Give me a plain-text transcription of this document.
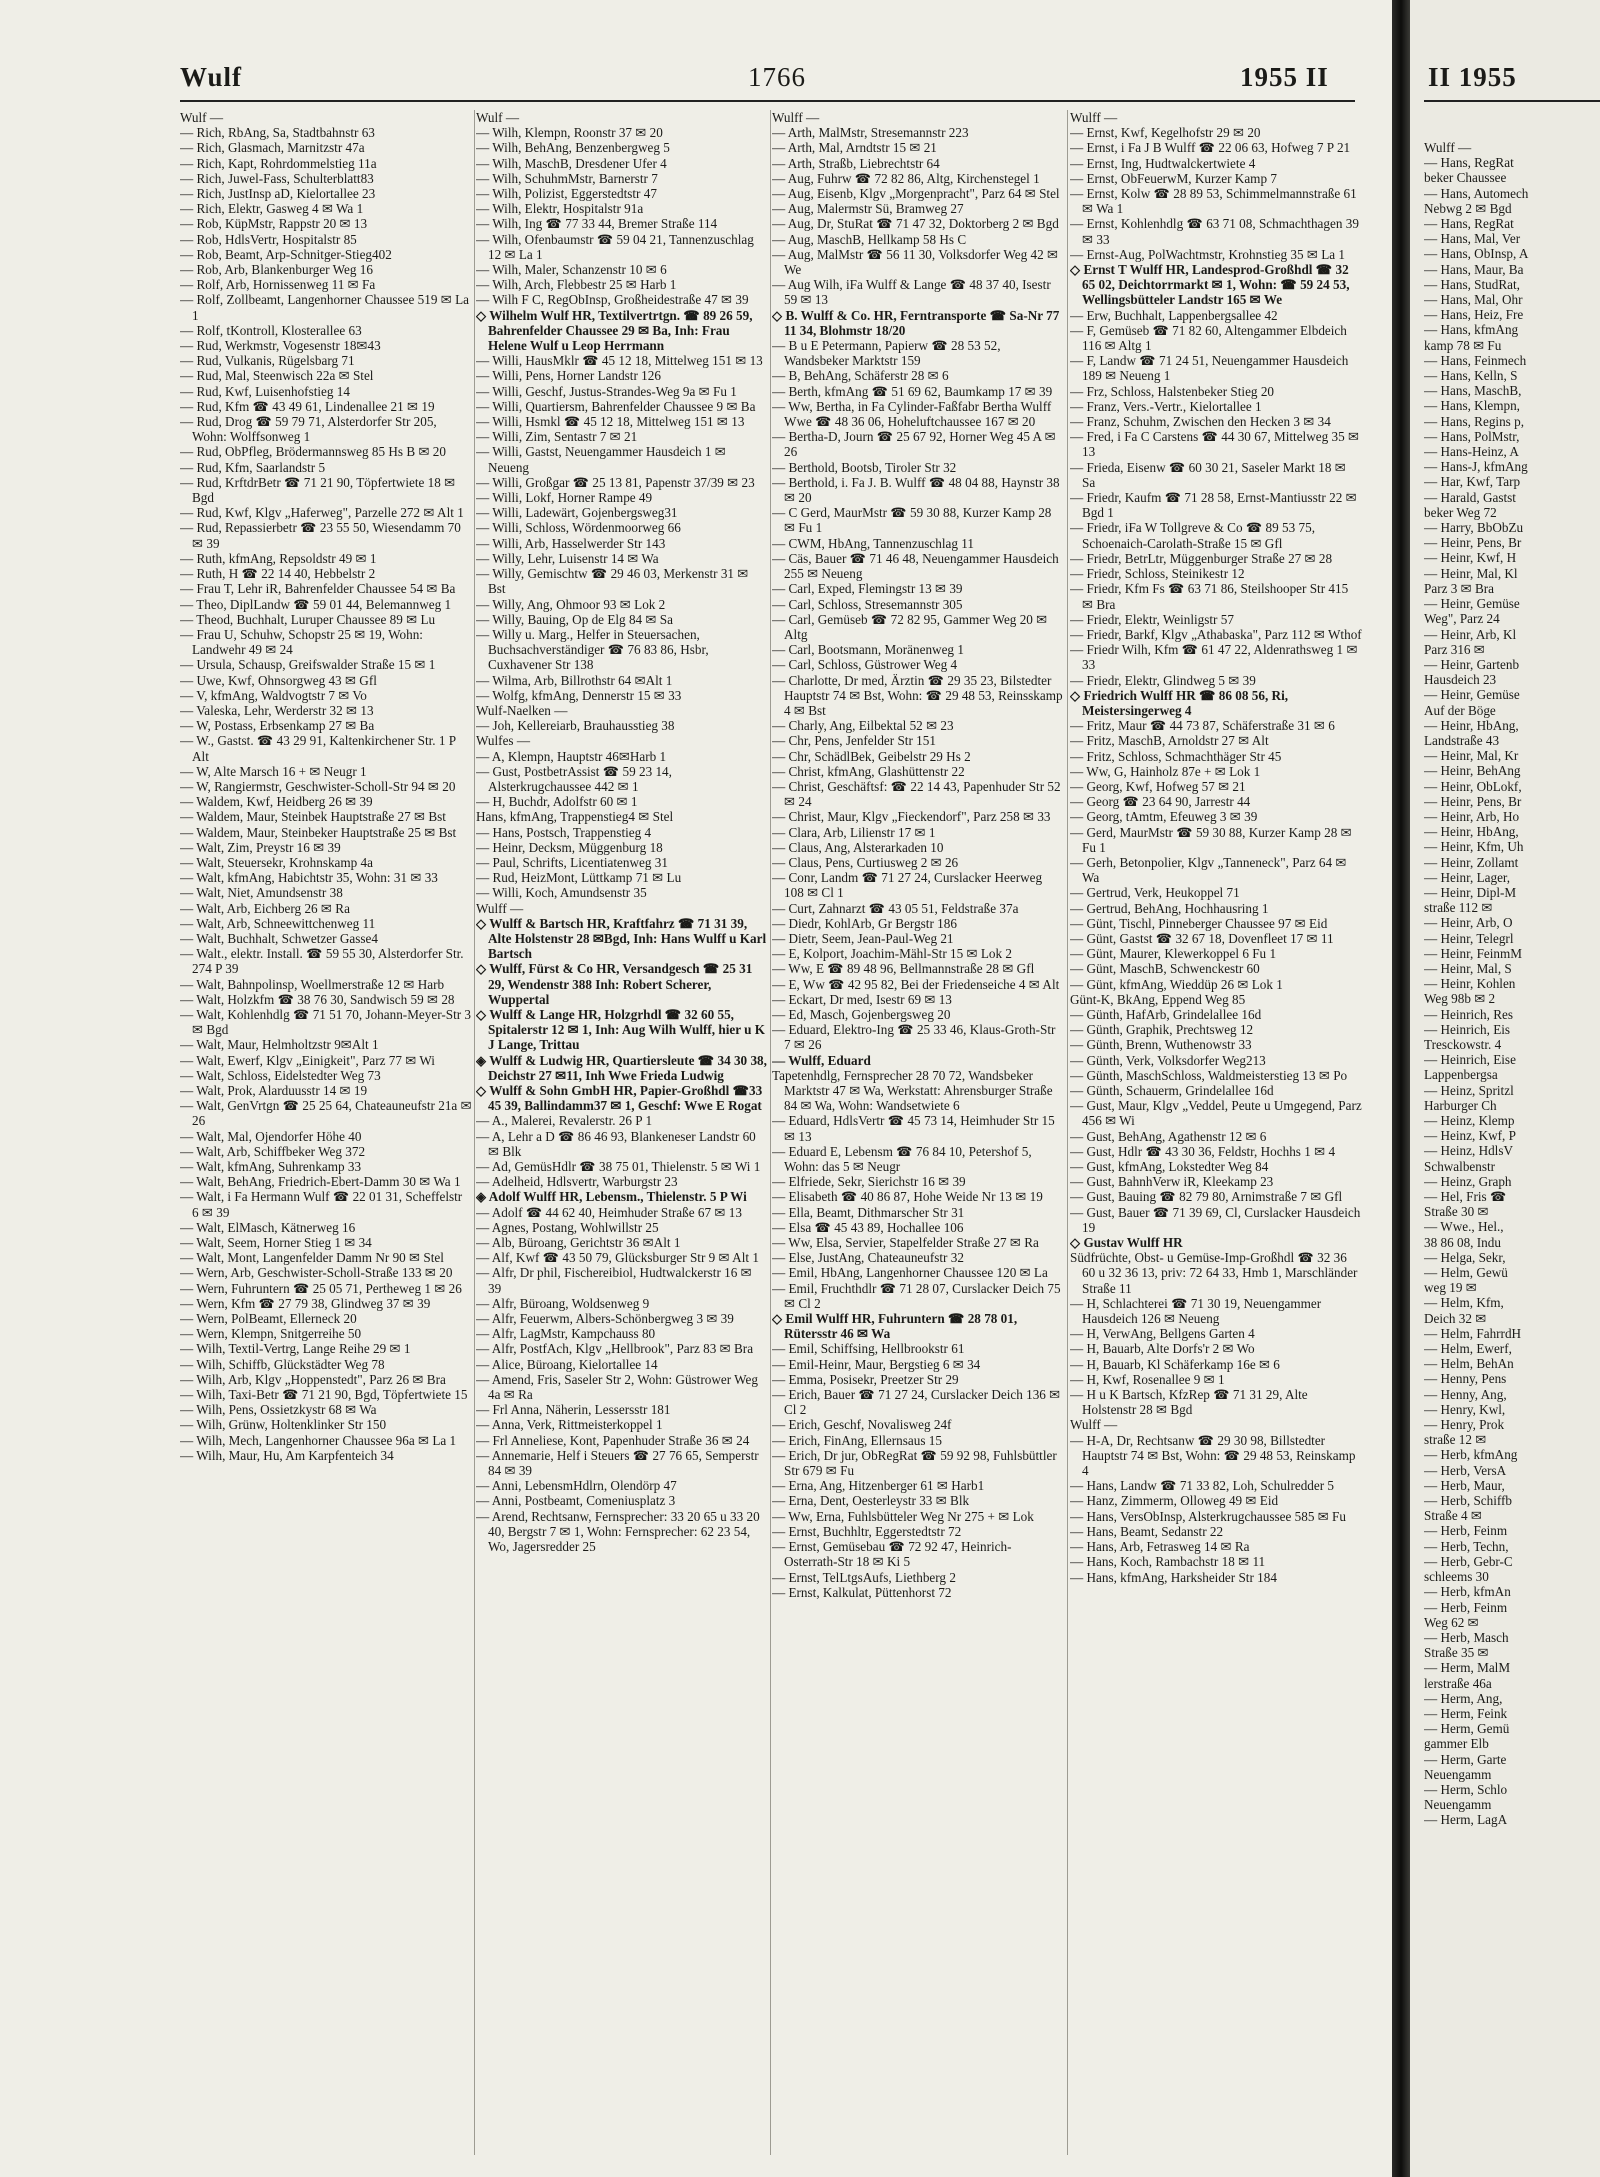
Wulf	1766	1955 II
Wulf —
— Rich, RbAng, Sa, Stadtbahnstr 63
— Rich, Glasmach, Marnitzstr 47a
— Rich, Kapt, Rohrdommelstieg 11a
— Rich, Juwel-Fass, Schulterblatt83
— Rich, JustInsp aD, Kielortallee 23
— Rich, Elektr, Gasweg 4 ✉ Wa 1
— Rob, KüpMstr, Rappstr 20 ✉ 13
— Rob, HdlsVertr, Hospitalstr 85
— Rob, Beamt, Arp-Schnitger-Stieg402
— Rob, Arb, Blankenburger Weg 16
— Rolf, Arb, Hornissenweg 11 ✉ Fa
— Rolf, Zollbeamt, Langenhorner Chaussee 519 ✉ La 1
— Rolf, tKontroll, Klosterallee 63
— Rud, Werkmstr, Vogesenstr 18✉43
— Rud, Vulkanis, Rügelsbarg 71
— Rud, Mal, Steenwisch 22a ✉ Stel
— Rud, Kwf, Luisenhofstieg 14
— Rud, Kfm ☎ 43 49 61, Lindenallee 21 ✉ 19
— Rud, Drog ☎ 59 79 71, Alsterdorfer Str 205, Wohn: Wolffsonweg 1
— Rud, ObPfleg, Brödermannsweg 85 Hs B ✉ 20
— Rud, Kfm, Saarlandstr 5
— Rud, KrftdrBetr ☎ 71 21 90, Töpfertwiete 18 ✉ Bgd
— Rud, Kwf, Klgv „Haferweg", Parzelle 272 ✉ Alt 1
— Rud, Repassierbetr ☎ 23 55 50, Wiesendamm 70 ✉ 39
— Ruth, kfmAng, Repsoldstr 49 ✉ 1
— Ruth, H ☎ 22 14 40, Hebbelstr 2
— Frau T, Lehr iR, Bahrenfelder Chaussee 54 ✉ Ba
— Theo, DiplLandw ☎ 59 01 44, Belemannweg 1
— Theod, Buchhalt, Luruper Chaussee 89 ✉ Lu
— Frau U, Schuhw, Schopstr 25 ✉ 19, Wohn: Landwehr 49 ✉ 24
— Ursula, Schausp, Greifswalder Straße 15 ✉ 1
— Uwe, Kwf, Ohnsorgweg 43 ✉ Gfl
— V, kfmAng, Waldvogtstr 7 ✉ Vo
— Valeska, Lehr, Werderstr 32 ✉ 13
— W, Postass, Erbsenkamp 27 ✉ Ba
— W., Gastst. ☎ 43 29 91, Kaltenkirchener Str. 1 P Alt
— W, Alte Marsch 16 + ✉ Neugr 1
— W, Rangiermstr, Geschwister-Scholl-Str 94 ✉ 20
— Waldem, Kwf, Heidberg 26 ✉ 39
— Waldem, Maur, Steinbek Hauptstraße 27 ✉ Bst
— Waldem, Maur, Steinbeker Hauptstraße 25 ✉ Bst
— Walt, Zim, Preystr 16 ✉ 39
— Walt, Steuersekr, Krohnskamp 4a
— Walt, kfmAng, Habichtstr 35, Wohn: 31 ✉ 33
— Walt, Niet, Amundsenstr 38
— Walt, Arb, Eichberg 26 ✉ Ra
— Walt, Arb, Schneewittchenweg 11
— Walt, Buchhalt, Schwetzer Gasse4
— Walt., elektr. Install. ☎ 59 55 30, Alsterdorfer Str. 274 P 39
— Walt, Bahnpolinsp, Woellmerstraße 12 ✉ Harb
— Walt, Holzkfm ☎ 38 76 30, Sandwisch 59 ✉ 28
— Walt, Kohlenhdlg ☎ 71 51 70, Johann-Meyer-Str 3 ✉ Bgd
— Walt, Maur, Helmholtzstr 9✉Alt 1
— Walt, Ewerf, Klgv „Einigkeit", Parz 77 ✉ Wi
— Walt, Schloss, Eidelstedter Weg 73
— Walt, Prok, Alarduusstr 14 ✉ 19
— Walt, GenVrtgn ☎ 25 25 64, Chateauneufstr 21a ✉ 26
— Walt, Mal, Ojendorfer Höhe 40
— Walt, Arb, Schiffbeker Weg 372
— Walt, kfmAng, Suhrenkamp 33
— Walt, BehAng, Friedrich-Ebert-Damm 30 ✉ Wa 1
— Walt, i Fa Hermann Wulf ☎ 22 01 31, Scheffelstr 6 ✉ 39
— Walt, ElMasch, Kätnerweg 16
— Walt, Seem, Horner Stieg 1 ✉ 34
— Walt, Mont, Langenfelder Damm Nr 90 ✉ Stel
— Wern, Arb, Geschwister-Scholl-Straße 133 ✉ 20
— Wern, Fuhruntern ☎ 25 05 71, Pertheweg 1 ✉ 26
— Wern, Kfm ☎ 27 79 38, Glindweg 37 ✉ 39
— Wern, PolBeamt, Ellerneck 20
— Wern, Klempn, Snitgerreihe 50
— Wilh, Textil-Vertrg, Lange Reihe 29 ✉ 1
— Wilh, Schiffb, Glückstädter Weg 78
— Wilh, Arb, Klgv „Hoppenstedt", Parz 26 ✉ Bra
— Wilh, Taxi-Betr ☎ 71 21 90, Bgd, Töpfertwiete 15
— Wilh, Pens, Ossietzkystr 68 ✉ Wa
— Wilh, Grünw, Holtenklinker Str 150
— Wilh, Mech, Langenhorner Chaussee 96a ✉ La 1
— Wilh, Maur, Hu, Am Karpfenteich 34
Wulf —
— Wilh, Klempn, Roonstr 37 ✉ 20
— Wilh, BehAng, Benzenbergweg 5
— Wilh, MaschB, Dresdener Ufer 4
— Wilh, SchuhmMstr, Barnerstr 7
— Wilh, Polizist, Eggerstedtstr 47
— Wilh, Elektr, Hospitalstr 91a
— Wilh, Ing ☎ 77 33 44, Bremer Straße 114
— Wilh, Ofenbaumstr ☎ 59 04 21, Tannenzuschlag 12 ✉ La 1
— Wilh, Maler, Schanzenstr 10 ✉ 6
— Wilh, Arch, Flebbestr 25 ✉ Harb 1
— Wilh F C, RegObInsp, Großheidestraße 47 ✉ 39
◇ Wilhelm Wulf HR, Textilvertrtgn. ☎ 89 26 59, Bahrenfelder Chaussee 29 ✉ Ba, Inh: Frau Helene Wulf u Leop Herrmann
— Willi, HausMklr ☎ 45 12 18, Mittelweg 151 ✉ 13
— Willi, Pens, Horner Landstr 126
— Willi, Geschf, Justus-Strandes-Weg 9a ✉ Fu 1
— Willi, Quartiersm, Bahrenfelder Chaussee 9 ✉ Ba
— Willi, Hsmkl ☎ 45 12 18, Mittelweg 151 ✉ 13
— Willi, Zim, Sentastr 7 ✉ 21
— Willi, Gastst, Neuengammer Hausdeich 1 ✉ Neueng
— Willi, Großgar ☎ 25 13 81, Papenstr 37/39 ✉ 23
— Willi, Lokf, Horner Rampe 49
— Willi, Ladewärt, Gojenbergsweg31
— Willi, Schloss, Wördenmoorweg 66
— Willi, Arb, Hasselwerder Str 143
— Willy, Lehr, Luisenstr 14 ✉ Wa
— Willy, Gemischtw ☎ 29 46 03, Merkenstr 31 ✉ Bst
— Willy, Ang, Ohmoor 93 ✉ Lok 2
— Willy, Bauing, Op de Elg 84 ✉ Sa
— Willy u. Marg., Helfer in Steuersachen, Buchsachverständiger ☎ 76 83 86, Hsbr, Cuxhavener Str 138
— Wilma, Arb, Billrothstr 64 ✉Alt 1
— Wolfg, kfmAng, Dennerstr 15 ✉ 33
Wulf-Naelken —
— Joh, Kellereiarb, Brauhausstieg 38
Wulfes —
— A, Klempn, Hauptstr 46✉Harb 1
— Gust, PostbetrAssist ☎ 59 23 14, Alsterkrugchaussee 442 ✉ 1
— H, Buchdr, Adolfstr 60 ✉ 1
Hans, kfmAng, Trappenstieg4 ✉ Stel
— Hans, Postsch, Trappenstieg 4
— Heinr, Decksm, Müggenburg 18
— Paul, Schrifts, Licentiatenweg 31
— Rud, HeizMont, Lüttkamp 71 ✉ Lu
— Willi, Koch, Amundsenstr 35
Wulff —
◇ Wulff & Bartsch HR, Kraftfahrz ☎ 71 31 39, Alte Holstenstr 28 ✉Bgd, Inh: Hans Wulff u Karl Bartsch
◇ Wulff, Fürst & Co HR, Versandgesch ☎ 25 31 29, Wendenstr 388 Inh: Robert Scherer, Wuppertal
◇ Wulff & Lange HR, Holzgrhdl ☎ 32 60 55, Spitalerstr 12 ✉ 1, Inh: Aug Wilh Wulff, hier u K J Lange, Trittau
◈ Wulff & Ludwig HR, Quartiersleute ☎ 34 30 38, Deichstr 27 ✉11, Inh Wwe Frieda Ludwig
◇ Wulff & Sohn GmbH HR, Papier-Großhdl ☎33 45 39, Ballindamm37 ✉ 1, Geschf: Wwe E Rogat
— A., Malerei, Revalerstr. 26 P 1
— A, Lehr a D ☎ 86 46 93, Blankeneser Landstr 60 ✉ Blk
— Ad, GemüsHdlr ☎ 38 75 01, Thielenstr. 5 ✉ Wi 1
— Adelheid, Hdlsvertr, Warburgstr 23
◈ Adolf Wulff HR, Lebensm., Thielenstr. 5 P Wi
— Adolf ☎ 44 62 40, Heimhuder Straße 67 ✉ 13
— Agnes, Postang, Wohlwillstr 25
— Alb, Büroang, Gerichtstr 36 ✉Alt 1
— Alf, Kwf ☎ 43 50 79, Glücksburger Str 9 ✉ Alt 1
— Alfr, Dr phil, Fischereibiol, Hudtwalckerstr 16 ✉ 39
— Alfr, Büroang, Woldsenweg 9
— Alfr, Feuerwm, Albers-Schönbergweg 3 ✉ 39
— Alfr, LagMstr, Kampchauss 80
— Alfr, PostfAch, Klgv „Hellbrook", Parz 83 ✉ Bra
— Alice, Büroang, Kielortallee 14
— Amend, Fris, Saseler Str 2, Wohn: Güstrower Weg 4a ✉ Ra
— Frl Anna, Näherin, Lessersstr 181
— Anna, Verk, Rittmeisterkoppel 1
— Frl Anneliese, Kont, Papenhuder Straße 36 ✉ 24
— Annemarie, Helf i Steuers ☎ 27 76 65, Semperstr 84 ✉ 39
— Anni, LebensmHdlrn, Olendörp 47
— Anni, Postbeamt, Comeniusplatz 3
— Arend, Rechtsanw, Fernsprecher: 33 20 65 u 33 20 40, Bergstr 7 ✉ 1, Wohn: Fernsprecher: 62 23 54, Wo, Jagersredder 25
Wulff —
— Arth, MalMstr, Stresemannstr 223
— Arth, Mal, Arndtstr 15 ✉ 21
— Arth, Straßb, Liebrechtstr 64
— Aug, Fuhrw ☎ 72 82 86, Altg, Kirchenstegel 1
— Aug, Eisenb, Klgv „Morgenpracht", Parz 64 ✉ Stel
— Aug, Malermstr Sü, Bramweg 27
— Aug, Dr, StuRat ☎ 71 47 32, Doktorberg 2 ✉ Bgd
— Aug, MaschB, Hellkamp 58 Hs C
— Aug, MalMstr ☎ 56 11 30, Volksdorfer Weg 42 ✉ We
— Aug Wilh, iFa Wulff & Lange ☎ 48 37 40, Isestr 59 ✉ 13
◇ B. Wulff & Co. HR, Ferntransporte ☎ Sa-Nr 77 11 34, Blohmstr 18/20
— B u E Petermann, Papierw ☎ 28 53 52, Wandsbeker Marktstr 159
— B, BehAng, Schäferstr 28 ✉ 6
— Berth, kfmAng ☎ 51 69 62, Baumkamp 17 ✉ 39
— Ww, Bertha, in Fa Cylinder-Faßfabr Bertha Wulff Wwe ☎ 48 36 06, Hoheluftchaussee 167 ✉ 20
— Bertha-D, Journ ☎ 25 67 92, Horner Weg 45 A ✉ 26
— Berthold, Bootsb, Tiroler Str 32
— Berthold, i. Fa J. B. Wulff ☎ 48 04 88, Haynstr 38 ✉ 20
— C Gerd, MaurMstr ☎ 59 30 88, Kurzer Kamp 28 ✉ Fu 1
— CWM, HbAng, Tannenzuschlag 11
— Cäs, Bauer ☎ 71 46 48, Neuengammer Hausdeich 255 ✉ Neueng
— Carl, Exped, Flemingstr 13 ✉ 39
— Carl, Schloss, Stresemannstr 305
— Carl, Gemüseb ☎ 72 82 95, Gammer Weg 20 ✉ Altg
— Carl, Bootsmann, Moränenweg 1
— Carl, Schloss, Güstrower Weg 4
— Charlotte, Dr med, Ärztin ☎ 29 35 23, Bilstedter Hauptstr 74 ✉ Bst, Wohn: ☎ 29 48 53, Reinsskamp 4 ✉ Bst
— Charly, Ang, Eilbektal 52 ✉ 23
— Chr, Pens, Jenfelder Str 151
— Chr, SchädlBek, Geibelstr 29 Hs 2
— Christ, kfmAng, Glashüttenstr 22
— Christ, Geschäftsf: ☎ 22 14 43, Papenhuder Str 52 ✉ 24
— Christ, Maur, Klgv „Fieckendorf", Parz 258 ✉ 33
— Clara, Arb, Lilienstr 17 ✉ 1
— Claus, Ang, Alsterarkaden 10
— Claus, Pens, Curtiusweg 2 ✉ 26
— Conr, Landm ☎ 71 27 24, Curslacker Heerweg 108 ✉ Cl 1
— Curt, Zahnarzt ☎ 43 05 51, Feldstraße 37a
— Diedr, KohlArb, Gr Bergstr 186
— Dietr, Seem, Jean-Paul-Weg 21
— E, Kolport, Joachim-Mähl-Str 15 ✉ Lok 2
— Ww, E ☎ 89 48 96, Bellmannstraße 28 ✉ Gfl
— E, Ww ☎ 42 95 82, Bei der Friedenseiche 4 ✉ Alt
— Eckart, Dr med, Isestr 69 ✉ 13
— Ed, Masch, Gojenbergsweg 20
— Eduard, Elektro-Ing ☎ 25 33 46, Klaus-Groth-Str 7 ✉ 26
— Wulff, Eduard
Tapetenhdlg, Fernsprecher 28 70 72, Wandsbeker Marktstr 47 ✉ Wa, Werkstatt: Ahrensburger Straße 84 ✉ Wa, Wohn: Wandsetwiete 6
— Eduard, HdlsVertr ☎ 45 73 14, Heimhuder Str 15 ✉ 13
— Eduard E, Lebensm ☎ 76 84 10, Petershof 5, Wohn: das 5 ✉ Neugr
— Elfriede, Sekr, Sierichstr 16 ✉ 39
— Elisabeth ☎ 40 86 87, Hohe Weide Nr 13 ✉ 19
— Ella, Beamt, Dithmarscher Str 31
— Elsa ☎ 45 43 89, Hochallee 106
— Ww, Elsa, Servier, Stapelfelder Straße 27 ✉ Ra
— Else, JustAng, Chateauneufstr 32
— Emil, HbAng, Langenhorner Chaussee 120 ✉ La
— Emil, Fruchthdlr ☎ 71 28 07, Curslacker Deich 75 ✉ Cl 2
◇ Emil Wulff HR, Fuhruntern ☎ 28 78 01, Rütersstr 46 ✉ Wa
— Emil, Schiffsing, Hellbrookstr 61
— Emil-Heinr, Maur, Bergstieg 6 ✉ 34
— Emma, Posisekr, Preetzer Str 29
— Erich, Bauer ☎ 71 27 24, Curslacker Deich 136 ✉ Cl 2
— Erich, Geschf, Novalisweg 24f
— Erich, FinAng, Ellernsaus 15
— Erich, Dr jur, ObRegRat ☎ 59 92 98, Fuhlsbüttler Str 679 ✉ Fu
— Erna, Ang, Hitzenberger 61 ✉ Harb1
— Erna, Dent, Oesterleystr 33 ✉ Blk
— Ww, Erna, Fuhlsbütteler Weg Nr 275 + ✉ Lok
— Ernst, Buchhltr, Eggerstedtstr 72
— Ernst, Gemüsebau ☎ 72 92 47, Heinrich-Osterrath-Str 18 ✉ Ki 5
— Ernst, TelLtgsAufs, Liethberg 2
— Ernst, Kalkulat, Püttenhorst 72
Wulff —
— Ernst, Kwf, Kegelhofstr 29 ✉ 20
— Ernst, i Fa J B Wulff ☎ 22 06 63, Hofweg 7 P 21
— Ernst, Ing, Hudtwalckertwiete 4
— Ernst, ObFeuerwM, Kurzer Kamp 7
— Ernst, Kolw ☎ 28 89 53, Schimmelmannstraße 61 ✉ Wa 1
— Ernst, Kohlenhdlg ☎ 63 71 08, Schmachthagen 39 ✉ 33
— Ernst-Aug, PolWachtmstr, Krohnstieg 35 ✉ La 1
◇ Ernst T Wulff HR, Landesprod-Großhdl ☎ 32 65 02, Deichtorrmarkt ✉ 1, Wohn: ☎ 59 24 53, Wellingsbütteler Landstr 165 ✉ We
— Erw, Buchhalt, Lappenbergsallee 42
— F, Gemüseb ☎ 71 82 60, Altengammer Elbdeich 116 ✉ Altg 1
— F, Landw ☎ 71 24 51, Neuengammer Hausdeich 189 ✉ Neueng 1
— Frz, Schloss, Halstenbeker Stieg 20
— Franz, Vers.-Vertr., Kielortallee 1
— Franz, Schuhm, Zwischen den Hecken 3 ✉ 34
— Fred, i Fa C Carstens ☎ 44 30 67, Mittelweg 35 ✉ 13
— Frieda, Eisenw ☎ 60 30 21, Saseler Markt 18 ✉ Sa
— Friedr, Kaufm ☎ 71 28 58, Ernst-Mantiusstr 22 ✉ Bgd 1
— Friedr, iFa W Tollgreve & Co ☎ 89 53 75, Schoenaich-Carolath-Straße 15 ✉ Gfl
— Friedr, BetrLtr, Müggenburger Straße 27 ✉ 28
— Friedr, Schloss, Steinikestr 12
— Friedr, Kfm Fs ☎ 63 71 86, Steilshooper Str 415 ✉ Bra
— Friedr, Elektr, Weinligstr 57
— Friedr, Barkf, Klgv „Athabaska", Parz 112 ✉ Wthof
— Friedr Wilh, Kfm ☎ 61 47 22, Aldenrathsweg 1 ✉ 33
— Friedr, Elektr, Glindweg 5 ✉ 39
◇ Friedrich Wulff HR ☎ 86 08 56, Ri, Meistersingerweg 4
— Fritz, Maur ☎ 44 73 87, Schäferstraße 31 ✉ 6
— Fritz, MaschB, Arnoldstr 27 ✉ Alt
— Fritz, Schloss, Schmachthäger Str 45
— Ww, G, Hainholz 87e + ✉ Lok 1
— Georg, Kwf, Hofweg 57 ✉ 21
— Georg ☎ 23 64 90, Jarrestr 44
— Georg, tAmtm, Efeuweg 3 ✉ 39
— Gerd, MaurMstr ☎ 59 30 88, Kurzer Kamp 28 ✉ Fu 1
— Gerh, Betonpolier, Klgv „Tanneneck", Parz 64 ✉ Wa
— Gertrud, Verk, Heukoppel 71
— Gertrud, BehAng, Hochhausring 1
— Günt, Tischl, Pinneberger Chaussee 97 ✉ Eid
— Günt, Gastst ☎ 32 67 18, Dovenfleet 17 ✉ 11
— Günt, Maurer, Klewerkoppel 6 Fu 1
— Günt, MaschB, Schwenckestr 60
— Günt, kfmAng, Wieddüp 26 ✉ Lok 1
Günt-K, BkAng, Eppend Weg 85
— Günth, HafArb, Grindelallee 16d
— Günth, Graphik, Prechtsweg 12
— Günth, Brenn, Wuthenowstr 33
— Günth, Verk, Volksdorfer Weg213
— Günth, MaschSchloss, Waldmeisterstieg 13 ✉ Po
— Günth, Schauerm, Grindelallee 16d
— Gust, Maur, Klgv „Veddel, Peute u Umgegend, Parz 456 ✉ Wi
— Gust, BehAng, Agathenstr 12 ✉ 6
— Gust, Hdlr ☎ 43 30 36, Feldstr, Hochhs 1 ✉ 4
— Gust, kfmAng, Lokstedter Weg 84
— Gust, BahnhVerw iR, Kleekamp 23
— Gust, Bauing ☎ 82 79 80, Arnimstraße 7 ✉ Gfl
— Gust, Bauer ☎ 71 39 69, Cl, Curslacker Hausdeich 19
◇ Gustav Wulff HR
Südfrüchte, Obst- u Gemüse-Imp-Großhdl ☎ 32 36 60 u 32 36 13, priv: 72 64 33, Hmb 1, Marschländer Straße 11
— H, Schlachterei ☎ 71 30 19, Neuengammer Hausdeich 126 ✉ Neueng
— H, VerwAng, Bellgens Garten 4
— H, Bauarb, Alte Dorfs'r 2 ✉ Wo
— H, Bauarb, Kl Schäferkamp 16e ✉ 6
— H, Kwf, Rosenallee 9 ✉ 1
— H u K Bartsch, KfzRep ☎ 71 31 29, Alte Holstenstr 28 ✉ Bgd
Wulff —
— H-A, Dr, Rechtsanw ☎ 29 30 98, Billstedter Hauptstr 74 ✉ Bst, Wohn: ☎ 29 48 53, Reinskamp 4
— Hans, Landw ☎ 71 33 82, Loh, Schulredder 5
— Hanz, Zimmerm, Olloweg 49 ✉ Eid
— Hans, VersObInsp, Alsterkrugchaussee 585 ✉ Fu
— Hans, Beamt, Sedanstr 22
— Hans, Arb, Fetrasweg 14 ✉ Ra
— Hans, Koch, Rambachstr 18 ✉ 11
— Hans, kfmAng, Harksheider Str 184
II 1955
Wulff —
— Hans, RegRat
beker Chaussee
— Hans, Automech
Nebwg 2 ✉ Bgd
— Hans, RegRat
— Hans, Mal, Ver
— Hans, ObInsp, A
— Hans, Maur, Ba
— Hans, StudRat,
— Hans, Mal, Ohr
— Hans, Heiz, Fre
— Hans, kfmAng
kamp 78 ✉ Fu
— Hans, Feinmech
— Hans, Kelln, S
— Hans, MaschB,
— Hans, Klempn,
— Hans, Regins p,
— Hans, PolMstr,
— Hans-Heinz, A
— Hans-J, kfmAng
— Har, Kwf, Tarp
— Harald, Gastst
beker Weg 72
— Harry, BbObZu
— Heinr, Pens, Br
— Heinr, Kwf, H
— Heinr, Mal, Kl
Parz 3 ✉ Bra
— Heinr, Gemüse
Weg", Parz 24
— Heinr, Arb, Kl
Parz 316 ✉
— Heinr, Gartenb
Hausdeich 23
— Heinr, Gemüse
Auf der Böge
— Heinr, HbAng,
Landstraße 43
— Heinr, Mal, Kr
— Heinr, BehAng
— Heinr, ObLokf,
— Heinr, Pens, Br
— Heinr, Arb, Ho
— Heinr, HbAng,
— Heinr, Kfm, Uh
— Heinr, Zollamt
— Heinr, Lager,
— Heinr, Dipl-M
straße 112 ✉
— Heinr, Arb, O
— Heinr, Telegrl
— Heinr, FeinmM
— Heinr, Mal, S
— Heinr, Kohlen
Weg 98b ✉ 2
— Heinrich, Res
— Heinrich, Eis
Tresckowstr. 4
— Heinrich, Eise
Lappenbergsa
— Heinz, Spritzl
Harburger Ch
— Heinz, Klemp
— Heinz, Kwf, P
— Heinz, HdlsV
Schwalbenstr
— Heinz, Graph
— Hel, Fris ☎
Straße 30 ✉
— Wwe., Hel.,
38 86 08, Indu
— Helga, Sekr,
— Helm, Gewü
weg 19 ✉
— Helm, Kfm,
Deich 32 ✉
— Helm, FahrrdH
— Helm, Ewerf,
— Helm, BehAn
— Henny, Pens
— Henny, Ang,
— Henry, Kwl,
— Henry, Prok
straße 12 ✉
— Herb, kfmAng
— Herb, VersA
— Herb, Maur,
— Herb, Schiffb
Straße 4 ✉
— Herb, Feinm
— Herb, Techn,
— Herb, Gebr-C
schleems 30
— Herb, kfmAn
— Herb, Feinm
Weg 62 ✉
— Herb, Masch
Straße 35 ✉
— Herm, MalM
lerstraße 46a
— Herm, Ang,
— Herm, Feink
— Herm, Gemü
gammer Elb
— Herm, Garte
Neuengamm
— Herm, Schlo
Neuengamm
— Herm, LagA
